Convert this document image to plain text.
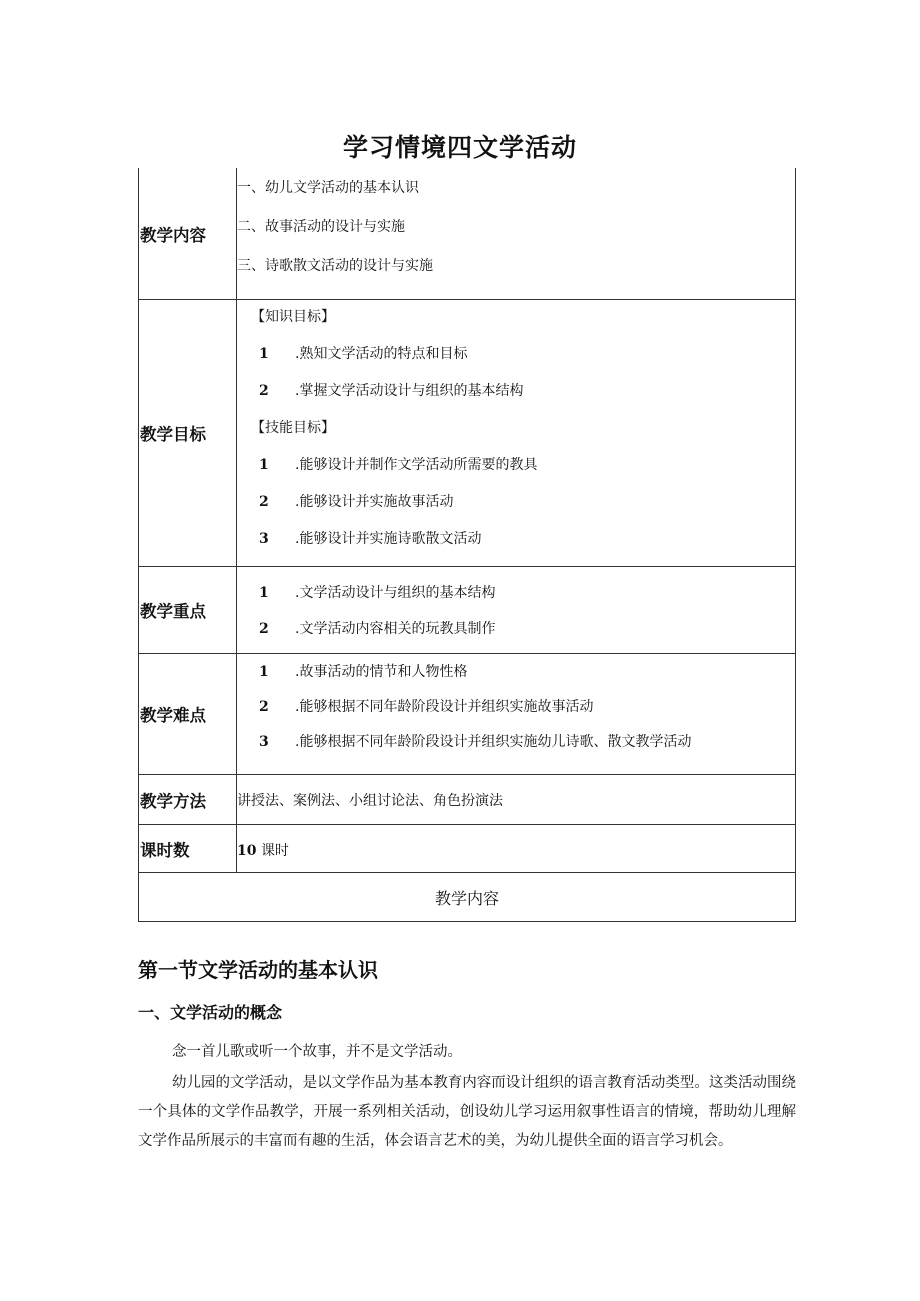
学习情境四文学活动
教学内容
一、幼儿文学活动的基本认识
二、故事活动的设计与实施
三、诗歌散文活动的设计与实施
教学目标
【知识目标】
1 .熟知文学活动的特点和目标
2 .掌握文学活动设计与组织的基本结构
【技能目标】
1 .能够设计并制作文学活动所需要的教具
2 .能够设计并实施故事活动
3 .能够设计并实施诗歌散文活动
教学重点
1 .文学活动设计与组织的基本结构
2 .文学活动内容相关的玩教具制作
教学难点
1 .故事活动的情节和人物性格
2 .能够根据不同年龄阶段设计并组织实施故事活动
3 .能够根据不同年龄阶段设计并组织实施幼儿诗歌、散文教学活动
教学方法	讲授法、案例法、小组讨论法、角色扮演法
课时数	10 课时
教学内容
第一节文学活动的基本认识
一、文学活动的概念
念一首儿歌或听一个故事，并不是文学活动。
幼儿园的文学活动，是以文学作品为基本教育内容而设计组织的语言教育活动类型。这类活动围绕一个具体的文学作品教学，开展一系列相关活动，创设幼儿学习运用叙事性语言的情境，帮助幼儿理解文学作品所展示的丰富而有趣的生活，体会语言艺术的美，为幼儿提供全面的语言学习机会。
